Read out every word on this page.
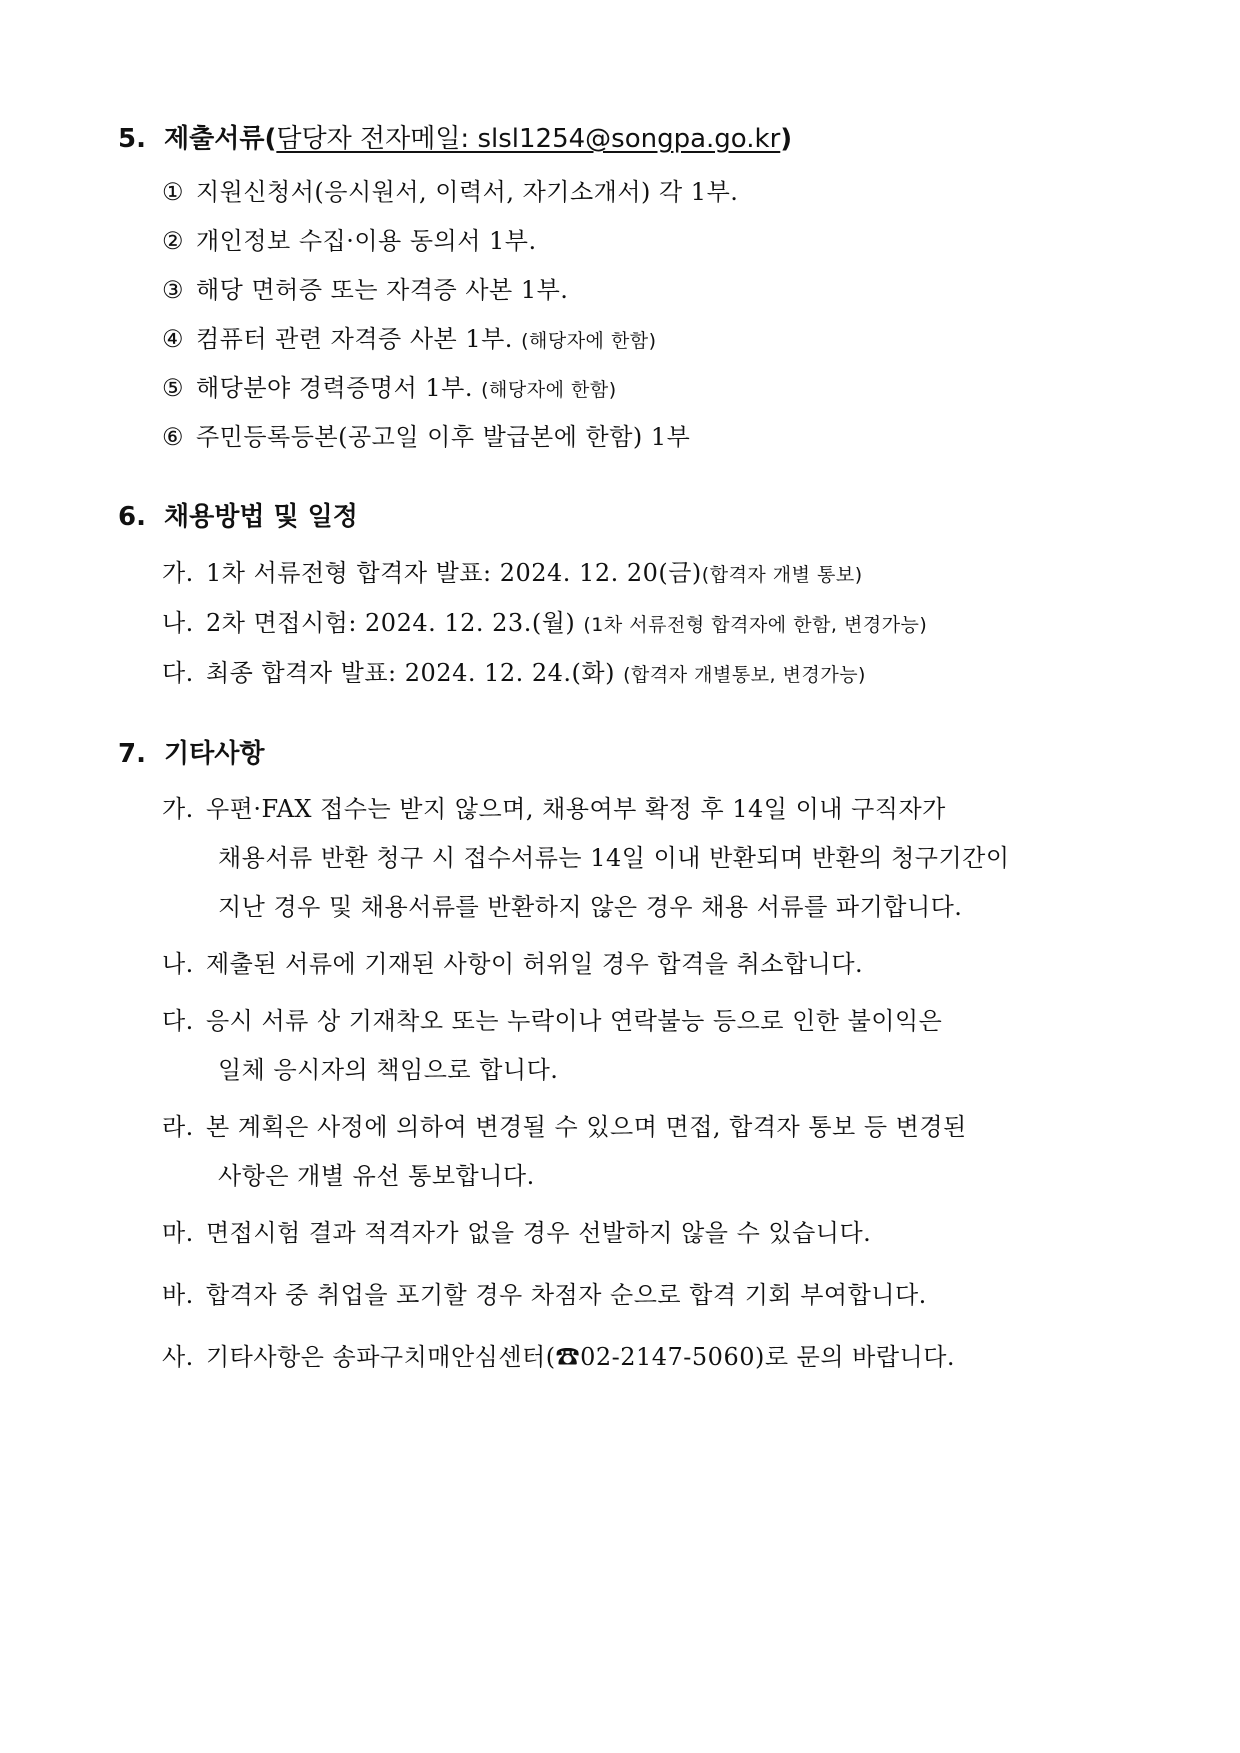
5. 제출서류(담당자 전자메일: slsl1254@songpa.go.kr)
① 지원신청서(응시원서, 이력서, 자기소개서) 각 1부.
② 개인정보 수집·이용 동의서 1부.
③ 해당 면허증 또는 자격증 사본 1부.
④ 컴퓨터 관련 자격증 사본 1부. (해당자에 한함)
⑤ 해당분야 경력증명서 1부. (해당자에 한함)
⑥ 주민등록등본(공고일 이후 발급본에 한함) 1부
6. 채용방법 및 일정
가. 1차 서류전형 합격자 발표: 2024. 12. 20(금)(합격자 개별 통보)
나. 2차 면접시험: 2024. 12. 23.(월) (1차 서류전형 합격자에 한함, 변경가능)
다. 최종 합격자 발표: 2024. 12. 24.(화) (합격자 개별통보, 변경가능)
7. 기타사항
가. 우편·FAX 접수는 받지 않으며, 채용여부 확정 후 14일 이내 구직자가
채용서류 반환 청구 시 접수서류는 14일 이내 반환되며 반환의 청구기간이
지난 경우 및 채용서류를 반환하지 않은 경우 채용 서류를 파기합니다.
나. 제출된 서류에 기재된 사항이 허위일 경우 합격을 취소합니다.
다. 응시 서류 상 기재착오 또는 누락이나 연락불능 등으로 인한 불이익은
일체 응시자의 책임으로 합니다.
라. 본 계획은 사정에 의하여 변경될 수 있으며 면접, 합격자 통보 등 변경된
사항은 개별 유선 통보합니다.
마. 면접시험 결과 적격자가 없을 경우 선발하지 않을 수 있습니다.
바. 합격자 중 취업을 포기할 경우 차점자 순으로 합격 기회 부여합니다.
사. 기타사항은 송파구치매안심센터(☎02-2147-5060)로 문의 바랍니다.
